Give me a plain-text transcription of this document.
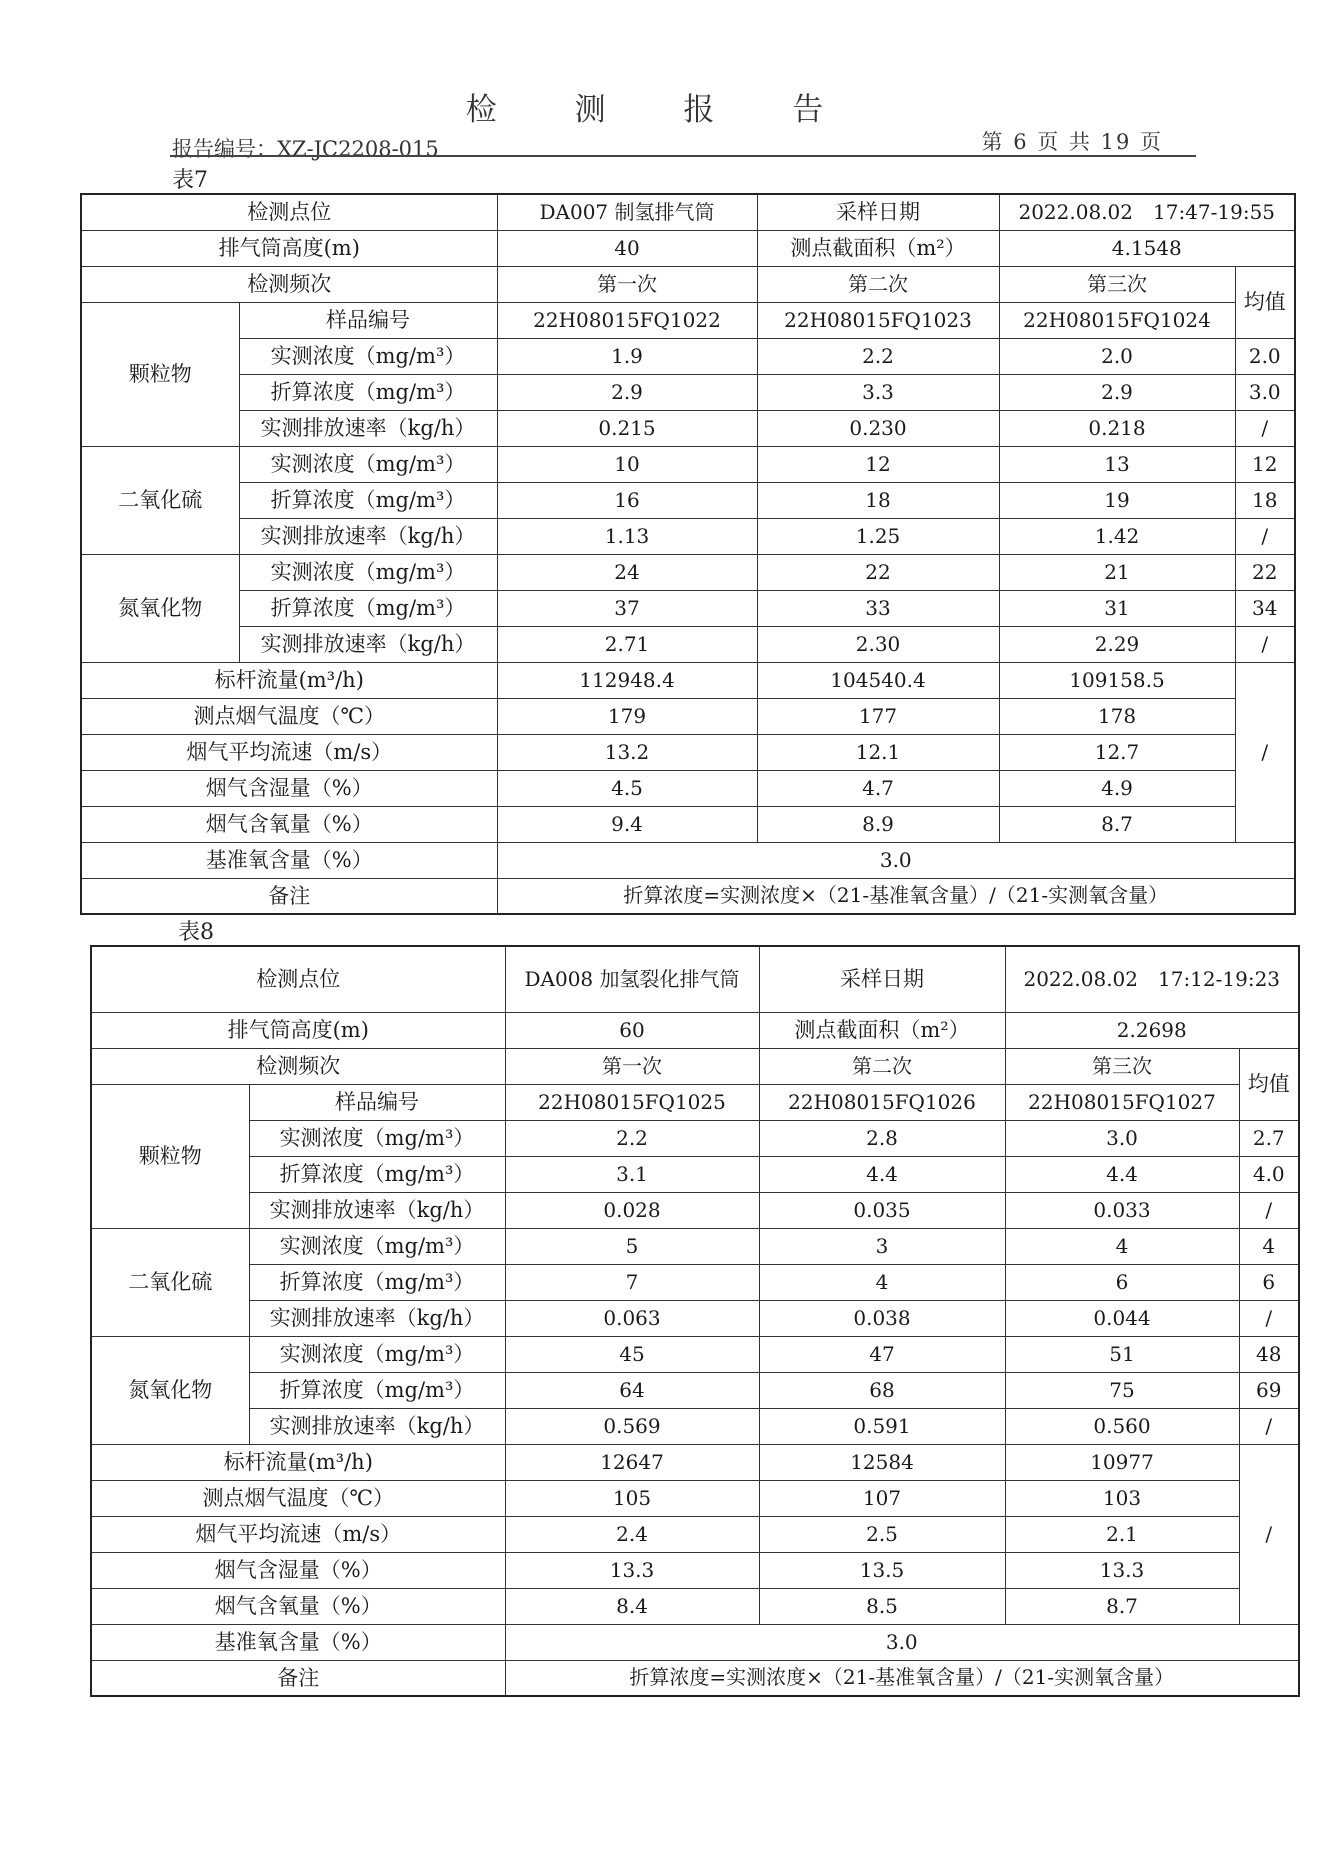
检 测 报 告
报告编号：XZ-JC2208-015	第 6 页 共 19 页
表7
表8
检测点位		DA007 制氢排气筒	采样日期	2022.08.02　17:47-19:55	
排气筒高度(m)		40	测点截面积（m²）	4.1548	
检测频次		第一次	第二次	第三次	均值
颗粒物	样品编号	22H08015FQ1022	22H08015FQ1023	22H08015FQ1024	
	实测浓度（mg/m³）	1.9	2.2	2.0	2.0
	折算浓度（mg/m³）	2.9	3.3	2.9	3.0
	实测排放速率（kg/h）	0.215	0.230	0.218	/
二氧化硫	实测浓度（mg/m³）	10	12	13	12
	折算浓度（mg/m³）	16	18	19	18
	实测排放速率（kg/h）	1.13	1.25	1.42	/
氮氧化物	实测浓度（mg/m³）	24	22	21	22
	折算浓度（mg/m³）	37	33	31	34
	实测排放速率（kg/h）	2.71	2.30	2.29	/
标杆流量(m³/h)		112948.4	104540.4	109158.5	/
测点烟气温度（℃）		179	177	178	
烟气平均流速（m/s）		13.2	12.1	12.7	
烟气含湿量（%）		4.5	4.7	4.9	
烟气含氧量（%）		9.4	8.9	8.7	
基准氧含量（%）		3.0			
备注		折算浓度=实测浓度×（21-基准氧含量）/（21-实测氧含量）			
检测点位		DA008 加氢裂化排气筒	采样日期	2022.08.02　17:12-19:23	
排气筒高度(m)		60	测点截面积（m²）	2.2698	
检测频次		第一次	第二次	第三次	均值
颗粒物	样品编号	22H08015FQ1025	22H08015FQ1026	22H08015FQ1027	
	实测浓度（mg/m³）	2.2	2.8	3.0	2.7
	折算浓度（mg/m³）	3.1	4.4	4.4	4.0
	实测排放速率（kg/h）	0.028	0.035	0.033	/
二氧化硫	实测浓度（mg/m³）	5	3	4	4
	折算浓度（mg/m³）	7	4	6	6
	实测排放速率（kg/h）	0.063	0.038	0.044	/
氮氧化物	实测浓度（mg/m³）	45	47	51	48
	折算浓度（mg/m³）	64	68	75	69
	实测排放速率（kg/h）	0.569	0.591	0.560	/
标杆流量(m³/h)		12647	12584	10977	/
测点烟气温度（℃）		105	107	103	
烟气平均流速（m/s）		2.4	2.5	2.1	
烟气含湿量（%）		13.3	13.5	13.3	
烟气含氧量（%）		8.4	8.5	8.7	
基准氧含量（%）		3.0			
备注		折算浓度=实测浓度×（21-基准氧含量）/（21-实测氧含量）			
